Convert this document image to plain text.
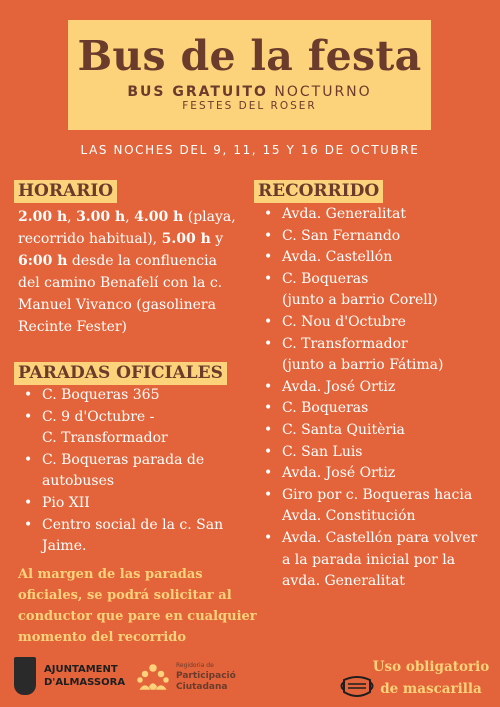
Bus de la festa
BUS GRATUITO NOCTURNO
FESTES DEL ROSER
LAS NOCHES DEL 9, 11, 15 Y 16 DE OCTUBRE
HORARIO
2.00 h, 3.00 h, 4.00 h (playa,
recorrido habitual), 5.00 h y
6:00 h desde la confluencia
del camino Benafelí con la c.
Manuel Vivanco (gasolinera
Recinte Fester)
PARADAS OFICIALES
• C. Boqueras 365
• C. 9 d'Octubre -
C. Transformador
• C. Boqueras parada de
autobuses
• Pio XII
• Centro social de la c. San
Jaime.
Al margen de las paradas oficiales, se podrá solicitar al conductor que pare en cualquier momento del recorrido
RECORRIDO
• Avda. Generalitat
• C. San Fernando
• Avda. Castellón
• C. Boqueras
(junto a barrio Corell)
• C. Nou d'Octubre
• C. Transformador
(junto a barrio Fátima)
• Avda. José Ortiz
• C. Boqueras
• C. Santa Quitèria
• C. San Luis
• Avda. José Ortiz
• Giro por c. Boqueras hacia
Avda. Constitución
• Avda. Castellón para volver
a la parada inicial por la
avda. Generalitat
AJUNTAMENT
D'ALMASSORA
Regidoria de
Participació
Ciutadana
Uso obligatorio
de mascarilla
